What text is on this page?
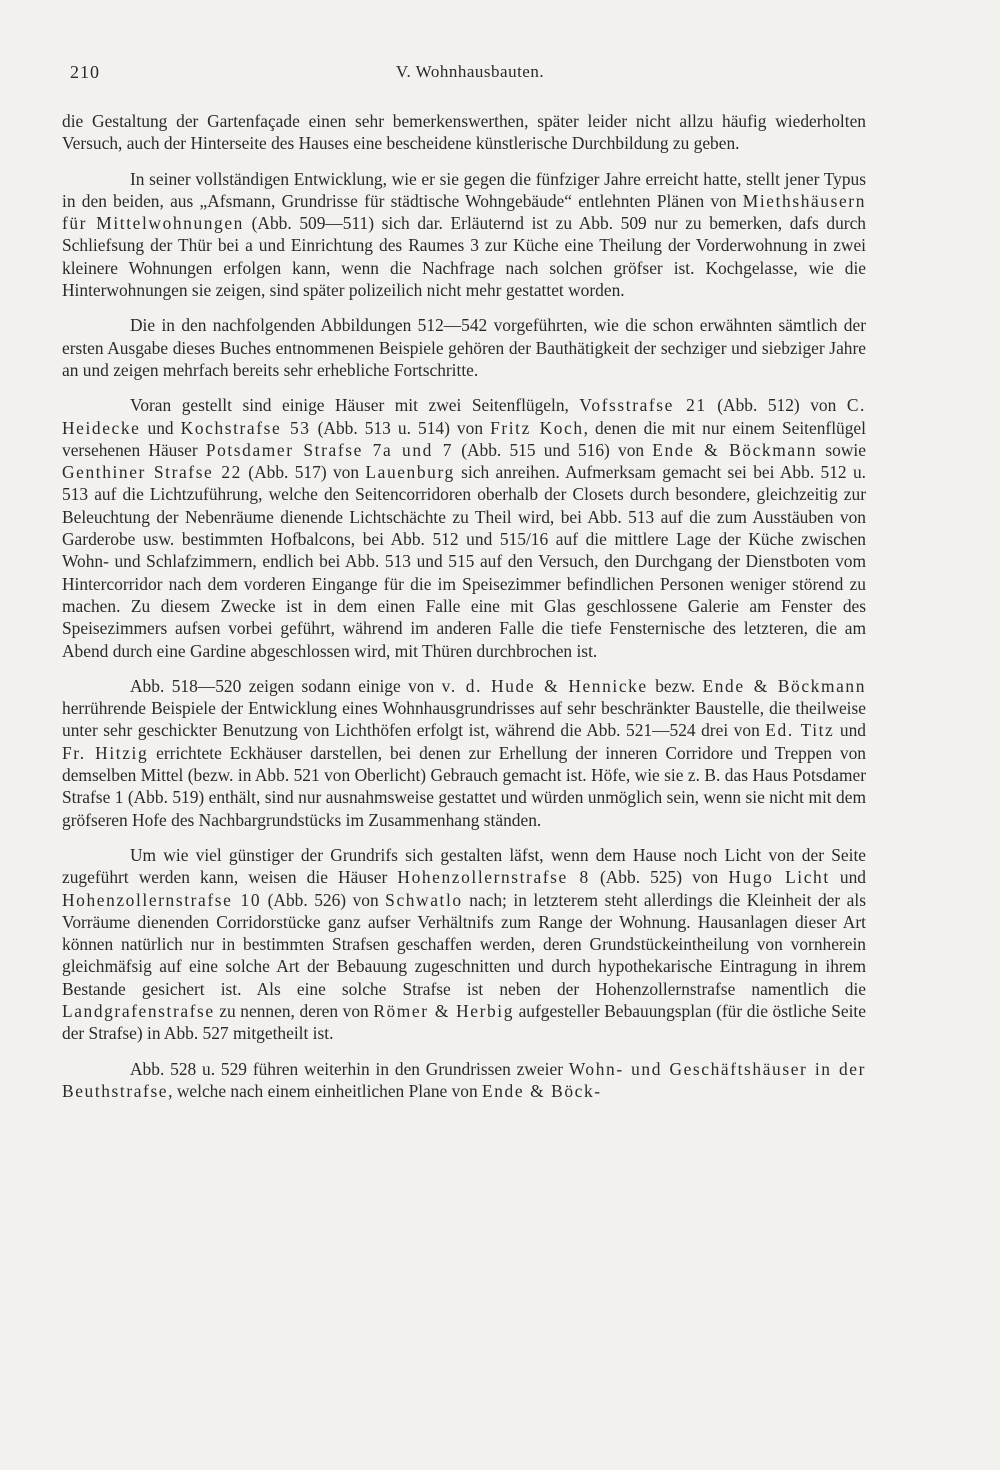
210	V. Wohnhausbauten.

die Gestaltung der Gartenfaçade einen sehr bemerkenswerthen, später leider nicht allzu häufig wiederholten Versuch, auch der Hinterseite des Hauses eine bescheidene künstlerische Durchbildung zu geben.

In seiner vollständigen Entwicklung, wie er sie gegen die fünfziger Jahre erreicht hatte, stellt jener Typus in den beiden, aus „Afsmann, Grundrisse für städtische Wohngebäude“ entlehnten Plänen von Miethshäusern für Mittelwohnungen (Abb. 509—511) sich dar. Erläuternd ist zu Abb. 509 nur zu bemerken, dafs durch Schliefsung der Thür bei a und Einrichtung des Raumes 3 zur Küche eine Theilung der Vorderwohnung in zwei kleinere Wohnungen erfolgen kann, wenn die Nachfrage nach solchen gröfser ist. Kochgelasse, wie die Hinterwohnungen sie zeigen, sind später polizeilich nicht mehr gestattet worden.

Die in den nachfolgenden Abbildungen 512—542 vorgeführten, wie die schon erwähnten sämtlich der ersten Ausgabe dieses Buches entnommenen Beispiele gehören der Bauthätigkeit der sechziger und siebziger Jahre an und zeigen mehrfach bereits sehr erhebliche Fortschritte.

Voran gestellt sind einige Häuser mit zwei Seitenflügeln, Vofsstrafse 21 (Abb. 512) von C. Heidecke und Kochstrafse 53 (Abb. 513 u. 514) von Fritz Koch, denen die mit nur einem Seitenflügel versehenen Häuser Potsdamer Strafse 7a und 7 (Abb. 515 und 516) von Ende & Böckmann sowie Genthiner Strafse 22 (Abb. 517) von Lauenburg sich anreihen. Aufmerksam gemacht sei bei Abb. 512 u. 513 auf die Lichtzuführung, welche den Seitencorridoren oberhalb der Closets durch besondere, gleichzeitig zur Beleuchtung der Nebenräume dienende Lichtschächte zu Theil wird, bei Abb. 513 auf die zum Ausstäuben von Garderobe usw. bestimmten Hofbalcons, bei Abb. 512 und 515/16 auf die mittlere Lage der Küche zwischen Wohn- und Schlafzimmern, endlich bei Abb. 513 und 515 auf den Versuch, den Durchgang der Dienstboten vom Hintercorridor nach dem vorderen Eingange für die im Speisezimmer befindlichen Personen weniger störend zu machen. Zu diesem Zwecke ist in dem einen Falle eine mit Glas geschlossene Galerie am Fenster des Speisezimmers aufsen vorbei geführt, während im anderen Falle die tiefe Fensternische des letzteren, die am Abend durch eine Gardine abgeschlossen wird, mit Thüren durchbrochen ist.

Abb. 518—520 zeigen sodann einige von v. d. Hude & Hennicke bezw. Ende & Böckmann herrührende Beispiele der Entwicklung eines Wohnhausgrundrisses auf sehr beschränkter Baustelle, die theilweise unter sehr geschickter Benutzung von Lichthöfen erfolgt ist, während die Abb. 521—524 drei von Ed. Titz und Fr. Hitzig errichtete Eckhäuser darstellen, bei denen zur Erhellung der inneren Corridore und Treppen von demselben Mittel (bezw. in Abb. 521 von Oberlicht) Gebrauch gemacht ist. Höfe, wie sie z. B. das Haus Potsdamer Strafse 1 (Abb. 519) enthält, sind nur ausnahmsweise gestattet und würden unmöglich sein, wenn sie nicht mit dem gröfseren Hofe des Nachbargrundstücks im Zusammenhang ständen.

Um wie viel günstiger der Grundrifs sich gestalten läfst, wenn dem Hause noch Licht von der Seite zugeführt werden kann, weisen die Häuser Hohenzollernstrafse 8 (Abb. 525) von Hugo Licht und Hohenzollernstrafse 10 (Abb. 526) von Schwatlo nach; in letzterem steht allerdings die Kleinheit der als Vorräume dienenden Corridorstücke ganz aufser Verhältnifs zum Range der Wohnung. Hausanlagen dieser Art können natürlich nur in bestimmten Strafsen geschaffen werden, deren Grundstückeintheilung von vornherein gleichmäfsig auf eine solche Art der Bebauung zugeschnitten und durch hypothekarische Eintragung in ihrem Bestande gesichert ist. Als eine solche Strafse ist neben der Hohenzollernstrafse namentlich die Landgrafenstrafse zu nennen, deren von Römer & Herbig aufgesteller Bebauungsplan (für die östliche Seite der Strafse) in Abb. 527 mitgetheilt ist.

Abb. 528 u. 529 führen weiterhin in den Grundrissen zweier Wohn- und Geschäftshäuser in der Beuthstrafse, welche nach einem einheitlichen Plane von Ende & Böck-
